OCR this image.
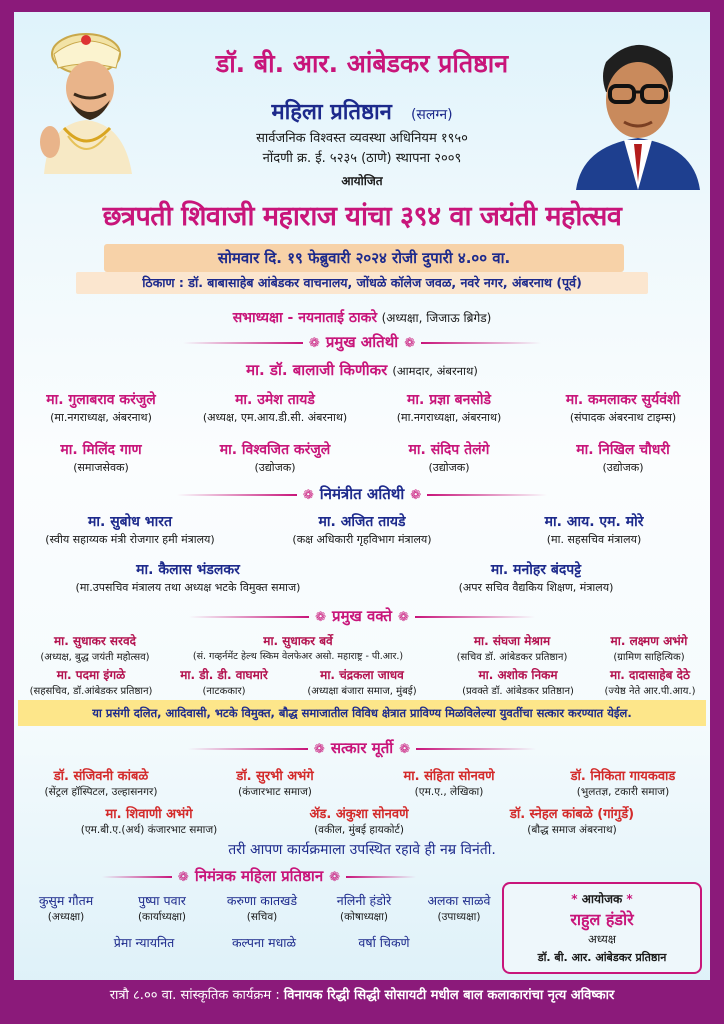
डॉ. बी. आर. आंबेडकर प्रतिष्ठान
महिला प्रतिष्ठान (सलग्न)
सार्वजनिक विश्वस्त व्यवस्था अधिनियम १९५०
नोंदणी क्र. ई. ५२३५ (ठाणे) स्थापना २००९
आयोजित
छत्रपती शिवाजी महाराज यांचा ३९४ वा जयंती महोत्सव
सोमवार दि. १९ फेब्रुवारी २०२४ रोजी दुपारी ४.०० वा.
ठिकाण : डॉ. बाबासाहेब आंबेडकर वाचनालय, जोंधळे कॉलेज जवळ, नवरे नगर, अंबरनाथ (पूर्व)
सभाध्यक्षा - नयनाताई ठाकरे (अध्यक्षा, जिजाऊ ब्रिगेड)
❁ प्रमुख अतिथी ❁
मा. डॉ. बालाजी किणीकर (आमदार, अंबरनाथ)
मा. गुलाबराव करंजुले
(मा.नगराध्यक्ष, अंबरनाथ)
मा. उमेश तायडे
(अध्यक्ष, एम.आय.डी.सी. अंबरनाथ)
मा. प्रज्ञा बनसोडे
(मा.नगराध्यक्षा, अंबरनाथ)
मा. कमलाकर सुर्यवंशी
(संपादक अंबरनाथ टाइम्स)
मा. मिलिंद गाण
(समाजसेवक)
मा. विश्वजित करंजुले
(उद्योजक)
मा. संदिप तेलंगे
(उद्योजक)
मा. निखिल चौधरी
(उद्योजक)
❁ निमंत्रीत अतिथी ❁
मा. सुबोध भारत
(स्वीय सहाय्यक मंत्री रोजगार हमी मंत्रालय)
मा. अजित तायडे
(कक्ष अधिकारी गृहविभाग मंत्रालय)
मा. आय. एम. मोरे
(मा. सहसचिव मंत्रालय)
मा. कैलास भंडलकर
(मा.उपसचिव मंत्रालय तथा अध्यक्ष भटके विमुक्त समाज)
मा. मनोहर बंदपट्टे
(अपर सचिव वैद्यकिय शिक्षण, मंत्रालय)
❁ प्रमुख वक्ते ❁
मा. सुधाकर सरवदे
(अध्यक्ष, बुद्ध जयंती महोत्सव)
मा. सुधाकर बर्वे
(सं. गव्हर्नमेंट हेल्थ स्किम वेलफेअर असो. महाराष्ट्र - पी.आर.)
मा. संघजा मेश्राम
(सचिव डॉ. आंबेडकर प्रतिष्ठान)
मा. लक्ष्मण अभंगे
(ग्रामिण साहित्यिक)
मा. पदमा इंगळे
(सहसचिव, डॉ.आंबेडकर प्रतिष्ठान)
मा. डी. डी. वाघमारे
(नाटककार)
मा. चंद्रकला जाधव
(अध्यक्षा बंजारा समाज, मुंबई)
मा. अशोक निकम
(प्रवक्ते डॉ. आंबेडकर प्रतिष्ठान)
मा. दादासाहेब देठे
(ज्येष्ठ नेते आर.पी.आय.)
या प्रसंगी दलित, आदिवासी, भटके विमुक्त, बौद्ध समाजातील विविध क्षेत्रात प्राविण्य मिळविलेल्या युवतींचा सत्कार करण्यात येईल.
❁ सत्कार मूर्ती ❁
डॉ. संजिवनी कांबळे
(सेंट्रल हॉस्पिटल, उल्हासनगर)
डॉ. सुरभी अभंगे
(कंजारभाट समाज)
मा. संहिता सोनवणे
(एम.ए., लेखिका)
डॉ. निकिता गायकवाड
(भुलतज्ञ, टकारी समाज)
मा. शिवाणी अभंगे
(एम.बी.ए.(अर्थ) कंजारभाट समाज)
ॲड. अंकुशा सोनवणे
(वकील, मुंबई हायकोर्ट)
डॉ. स्नेहल कांबळे (गांगुर्डे)
(बौद्ध समाज अंबरनाथ)
तरी आपण कार्यक्रमाला उपस्थित रहावे ही नम्र विनंती.
❁ निमंत्रक महिला प्रतिष्ठान ❁
कुसुम गौतम
(अध्यक्षा)
पुष्पा पवार
(कार्याध्यक्षा)
करुणा कातखडे
(सचिव)
नलिनी हंडोरे
(कोषाध्यक्षा)
अलका साळवे
(उपाध्यक्षा)
प्रेमा न्यायनित	कल्पना मधाळे	वर्षा चिकणे
* आयोजक *
राहुल हंडोरे
अध्यक्ष
डॉ. बी. आर. आंबेडकर प्रतिष्ठान
रात्रौ ८.०० वा. सांस्कृतिक कार्यक्रम : विनायक रिद्धी सिद्धी सोसायटी मधील बाल कलाकारांचा नृत्य अविष्कार
